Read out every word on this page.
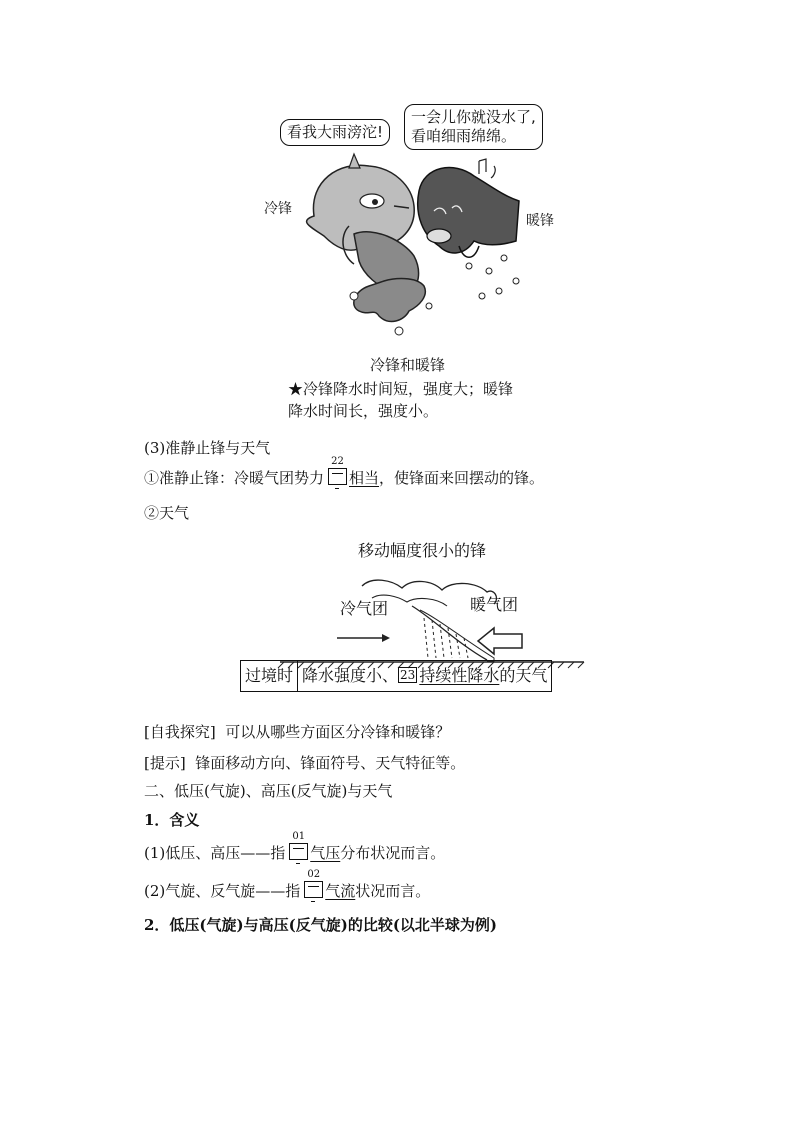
看我大雨滂沱!
一会儿你就没水了,
看咱细雨绵绵。
冷锋
暖锋
冷锋和暖锋
★冷锋降水时间短，强度大；暖锋
降水时间长，强度小。
(3)准静止锋与天气
①准静止锋：冷暖气团势力
22
相当，使锋面来回摆动的锋。
②天气
移动幅度很小的锋
冷气团	暖气团
过境时 降水强度小、 23 持续性降水的天气
[自我探究] 可以从哪些方面区分冷锋和暖锋？
[提示] 锋面移动方向、锋面符号、天气特征等。
二、低压(气旋)、高压(反气旋)与天气
1．含义
(1)低压、高压——指
01
气压分布状况而言。
(2)气旋、反气旋——指
02
气流状况而言。
2．低压(气旋)与高压(反气旋)的比较(以北半球为例)
